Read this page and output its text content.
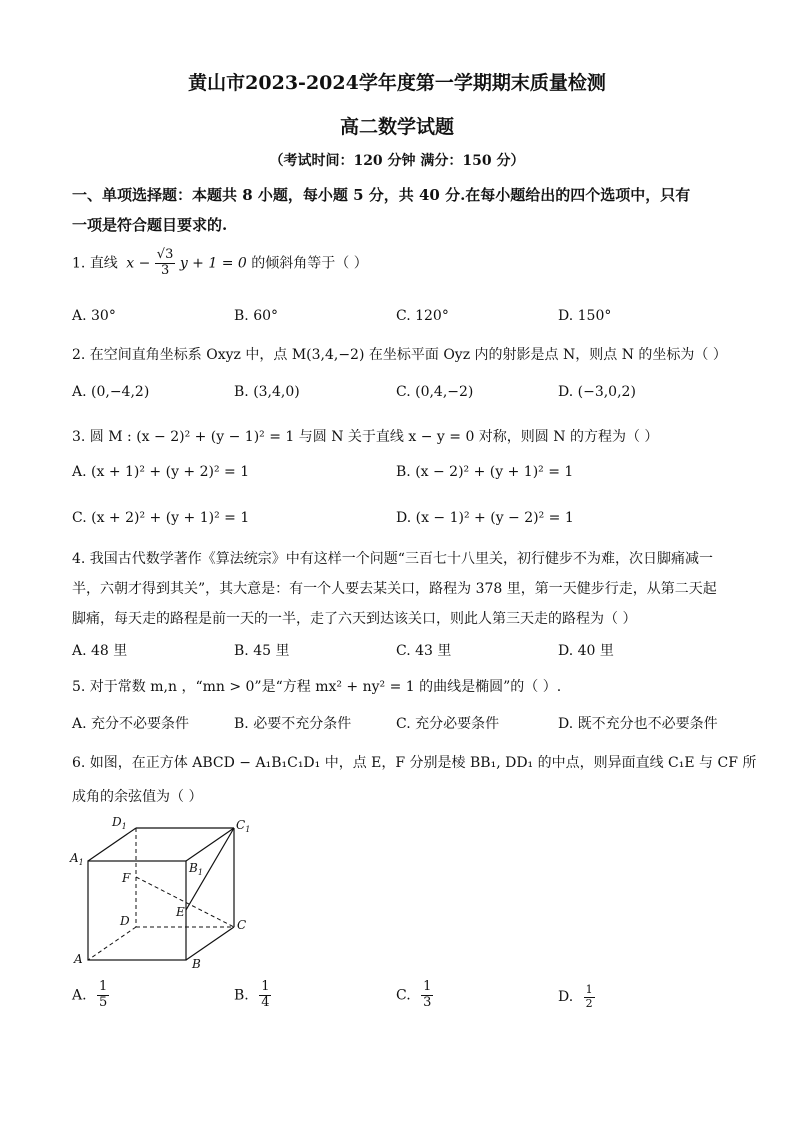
黄山市2023-2024学年度第一学期期末质量检测
高二数学试题
（考试时间：120 分钟 满分：150 分）
一、单项选择题：本题共 8 小题，每小题 5 分，共 40 分.在每小题给出的四个选项中，只有
一项是符合题目要求的.
1. 直线 $x - \frac{√3}{3}$ y + 1 = 0 的倾斜角等于（ ）
A. 30°	B. 60°	C. 120°	D. 150°
2. 在空间直角坐标系 Oxyz 中，点 M(3,4,−2) 在坐标平面 Oyz 内的射影是点 N，则点 N 的坐标为（ ）
A. (0,−4,2)	B. (3,4,0)	C. (0,4,−2)	D. (−3,0,2)
3. 圆 M : (x − 2)² + (y − 1)² = 1 与圆 N 关于直线 x − y = 0 对称，则圆 N 的方程为（ ）
A. (x + 1)² + (y + 2)² = 1	B. (x − 2)² + (y + 1)² = 1
C. (x + 2)² + (y + 1)² = 1	D. (x − 1)² + (y − 2)² = 1
4. 我国古代数学著作《算法统宗》中有这样一个问题“三百七十八里关，初行健步不为难，次日脚痛减一
半，六朝才得到其关”，其大意是：有一个人要去某关口，路程为 378 里，第一天健步行走，从第二天起
脚痛，每天走的路程是前一天的一半，走了六天到达该关口，则此人第三天走的路程为（ ）
A. 48 里	B. 45 里	C. 43 里	D. 40 里
5. 对于常数 m,n ，“mn > 0”是“方程 mx² + ny² = 1 的曲线是椭圆”的（ ）.
A. 充分不必要条件	B. 必要不充分条件	C. 充分必要条件	D. 既不充分也不必要条件
6. 如图，在正方体 ABCD − A₁B₁C₁D₁ 中，点 E，F 分别是棱 BB₁, DD₁ 的中点，则异面直线 C₁E 与 CF 所
成角的余弦值为（ ）
$D_1$	$C_1$
$A_1$	$B_1$
F
E
D	C
A	B
A. $\frac{1}{5}$	B. $\frac{1}{4}$	C. $\frac{1}{3}$	D. $\frac{1}{2}$
